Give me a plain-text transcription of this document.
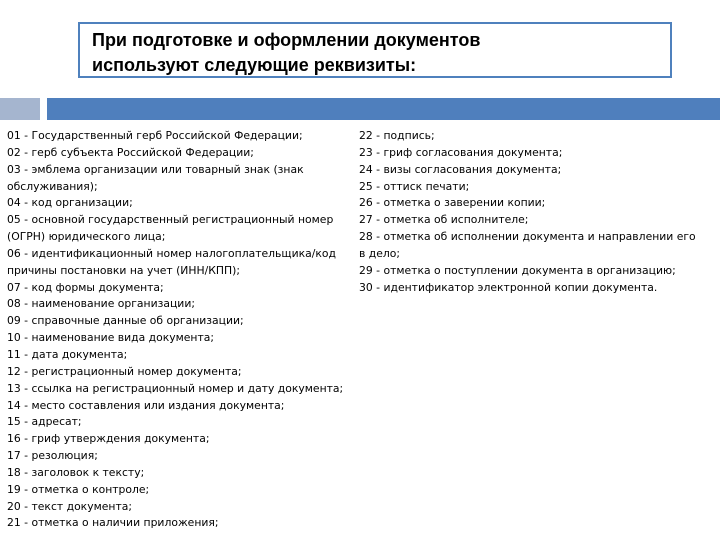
При подготовке и оформлении документов
используют следующие реквизиты:
01 - Государственный герб Российской Федерации;
02 - герб субъекта Российской Федерации;
03 - эмблема организации или товарный знак (знак
обслуживания);
04 - код организации;
05 - основной государственный регистрационный номер
(ОГРН) юридического лица;
06 - идентификационный номер налогоплательщика/код
причины постановки на учет (ИНН/КПП);
07 - код формы документа;
08 - наименование организации;
09 - справочные данные об организации;
10 - наименование вида документа;
11 - дата документа;
12 - регистрационный номер документа;
13 - ссылка на регистрационный номер и дату документа;
14 - место составления или издания документа;
15 - адресат;
16 - гриф утверждения документа;
17 - резолюция;
18 - заголовок к тексту;
19 - отметка о контроле;
20 - текст документа;
21 - отметка о наличии приложения;
22 - подпись;
23 - гриф согласования документа;
24 - визы согласования документа;
25 - оттиск печати;
26 - отметка о заверении копии;
27 - отметка об исполнителе;
28 - отметка об исполнении документа и направлении его
в дело;
29 - отметка о поступлении документа в организацию;
30 - идентификатор электронной копии документа.
